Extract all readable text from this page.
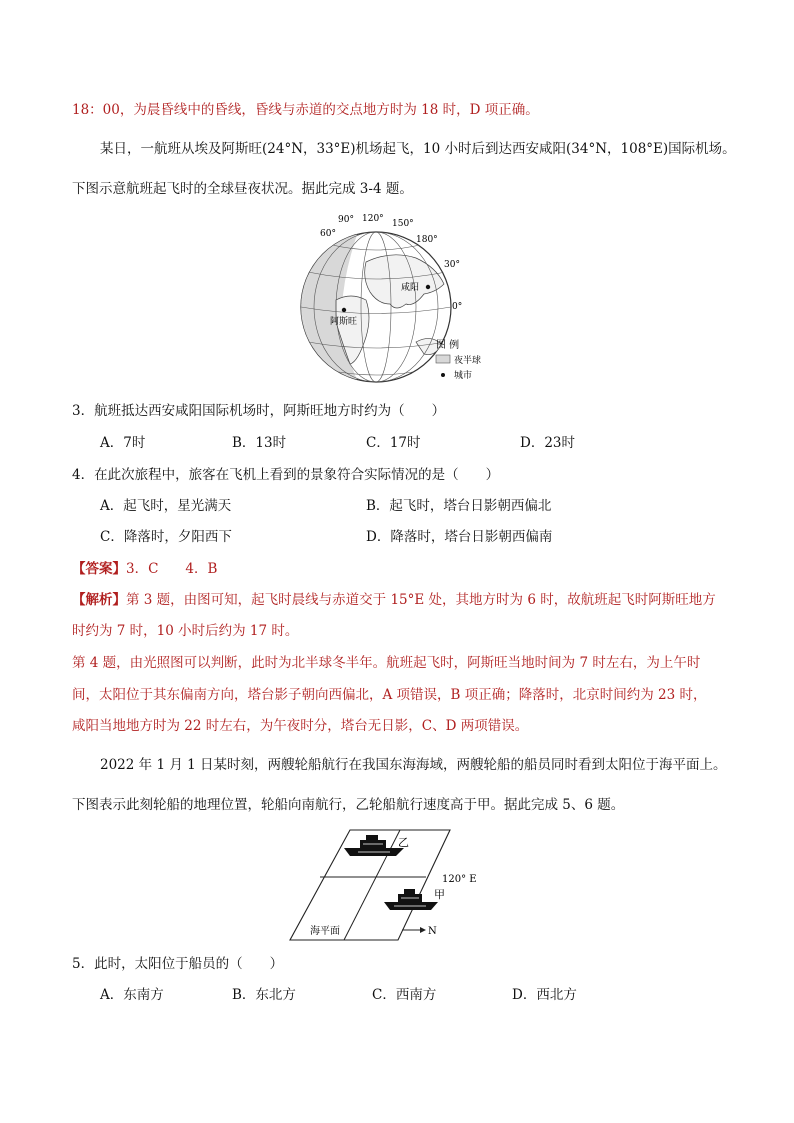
18：00，为晨昏线中的昏线，昏线与赤道的交点地方时为 18 时，D 项正确。
某日，一航班从埃及阿斯旺(24°N，33°E)机场起飞，10 小时后到达西安咸阳(34°N，108°E)国际机场。
下图示意航班起飞时的全球昼夜状况。据此完成 3-4 题。
90° 120° 150°
60°
180°
30°
0°
咸阳
阿斯旺
图 例
夜半球
城市
3．航班抵达西安咸阳国际机场时，阿斯旺地方时约为（　　）
A．7时	B．13时	C．17时	D．23时
4．在此次旅程中，旅客在飞机上看到的景象符合实际情况的是（　　）
A．起飞时，星光满天	B．起飞时，塔台日影朝西偏北
C．降落时，夕阳西下	D．降落时，塔台日影朝西偏南
【答案】3．C　　4．B
【解析】第 3 题，由图可知，起飞时晨线与赤道交于 15°E 处，其地方时为 6 时，故航班起飞时阿斯旺地方
时约为 7 时，10 小时后约为 17 时。
第 4 题，由光照图可以判断，此时为北半球冬半年。航班起飞时，阿斯旺当地时间为 7 时左右，为上午时
间，太阳位于其东偏南方向，塔台影子朝向西偏北，A 项错误，B 项正确；降落时，北京时间约为 23 时，
咸阳当地地方时为 22 时左右，为午夜时分，塔台无日影，C、D 两项错误。
2022 年 1 月 1 日某时刻，两艘轮船航行在我国东海海域，两艘轮船的船员同时看到太阳位于海平面上。
下图表示此刻轮船的地理位置，轮船向南航行，乙轮船航行速度高于甲。据此完成 5、6 题。
乙
甲
120° E
海平面	N
5．此时，太阳位于船员的（　　）
A．东南方	B．东北方	C．西南方	D．西北方
